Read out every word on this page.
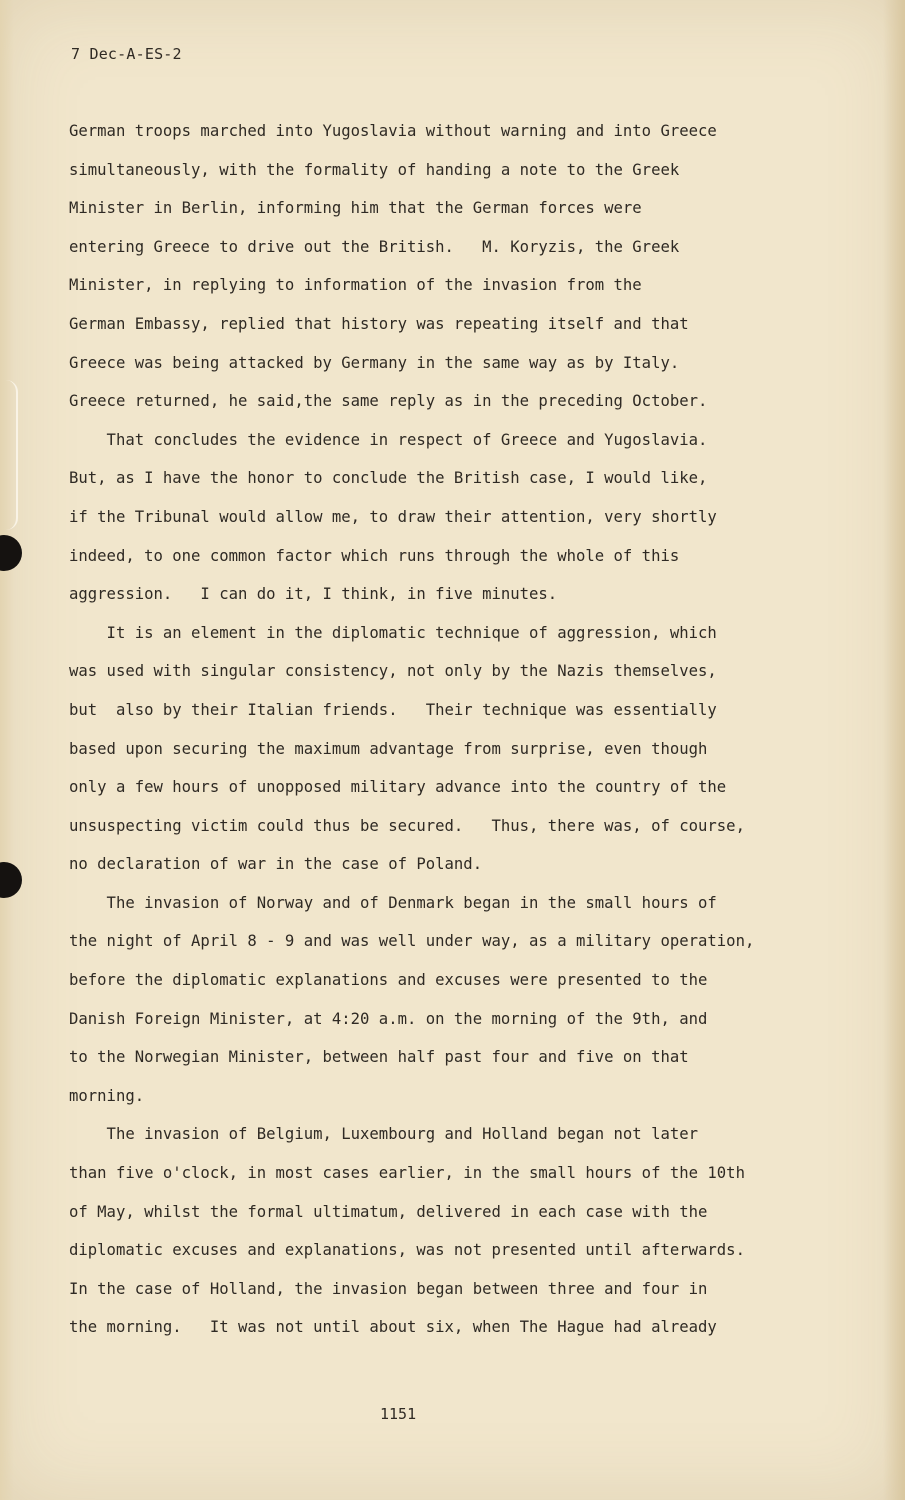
7 Dec-A-ES-2
German troops marched into Yugoslavia without warning and into Greece
simultaneously, with the formality of handing a note to the Greek
Minister in Berlin, informing him that the German forces were
entering Greece to drive out the British.   M. Koryzis, the Greek
Minister, in replying to information of the invasion from the
German Embassy, replied that history was repeating itself and that
Greece was being attacked by Germany in the same way as by Italy.
Greece returned, he said,the same reply as in the preceding October.
That concludes the evidence in respect of Greece and Yugoslavia.
But, as I have the honor to conclude the British case, I would like,
if the Tribunal would allow me, to draw their attention, very shortly
indeed, to one common factor which runs through the whole of this
aggression.   I can do it, I think, in five minutes.
It is an element in the diplomatic technique of aggression, which
was used with singular consistency, not only by the Nazis themselves,
but  also by their Italian friends.   Their technique was essentially
based upon securing the maximum advantage from surprise, even though
only a few hours of unopposed military advance into the country of the
unsuspecting victim could thus be secured.   Thus, there was, of course,
no declaration of war in the case of Poland.
The invasion of Norway and of Denmark began in the small hours of
the night of April 8 - 9 and was well under way, as a military operation,
before the diplomatic explanations and excuses were presented to the
Danish Foreign Minister, at 4:20 a.m. on the morning of the 9th, and
to the Norwegian Minister, between half past four and five on that
morning.
The invasion of Belgium, Luxembourg and Holland began not later
than five o'clock, in most cases earlier, in the small hours of the 10th
of May, whilst the formal ultimatum, delivered in each case with the
diplomatic excuses and explanations, was not presented until afterwards.
In the case of Holland, the invasion began between three and four in
the morning.   It was not until about six, when The Hague had already
1151
